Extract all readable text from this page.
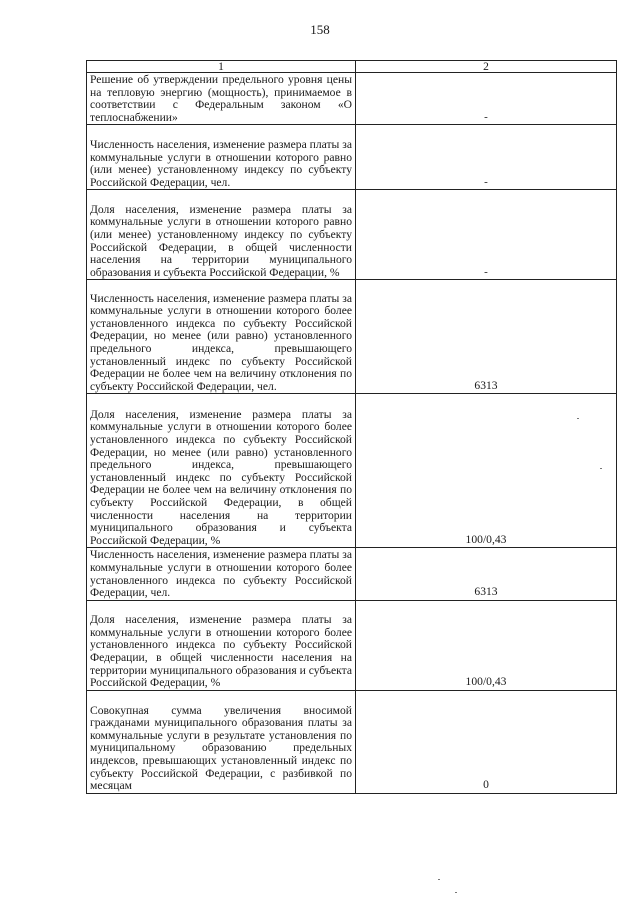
158
1	2

Решение об утверждении предельного уровня цены на тепловую энергию (мощность), принимаемое в соответствии с Федеральным законом «О теплоснабжении»	-

Численность населения, изменение размера платы за коммунальные услуги в отношении которого равно (или менее) установленному индексу по субъекту Российской Федерации, чел.	-

Доля населения, изменение размера платы за коммунальные услуги в отношении которого равно (или менее) установленному индексу по субъекту Российской Федерации, в общей численности населения на территории муниципального образования и субъекта Российской Федерации, %	-

Численность населения, изменение размера платы за коммунальные услуги в отношении которого более установленного индекса по субъекту Российской Федерации, но менее (или равно) установленного предельного индекса, превышающего установленный индекс по субъекту Российской Федерации не более чем на величину отклонения по субъекту Российской Федерации, чел.	6313

Доля населения, изменение размера платы за коммунальные услуги в отношении которого более установленного индекса по субъекту Российской Федерации, но менее (или равно) установленного предельного индекса, превышающего установленный индекс по субъекту Российской Федерации не более чем на величину отклонения по субъекту Российской Федерации, в общей численности населения на территории муниципального образования и субъекта Российской Федерации, %	100/0,43

Численность населения, изменение размера платы за коммунальные услуги в отношении которого более установленного индекса по субъекту Российской Федерации, чел.	6313

Доля населения, изменение размера платы за коммунальные услуги в отношении которого более установленного индекса по субъекту Российской Федерации, в общей численности населения на территории муниципального образования и субъекта Российской Федерации, %	100/0,43

Совокупная сумма увеличения вносимой гражданами муниципального образования платы за коммунальные услуги в результате установления по муниципальному образованию предельных индексов, превышающих установленный индекс по субъекту Российской Федерации, с разбивкой по месяцам	0
